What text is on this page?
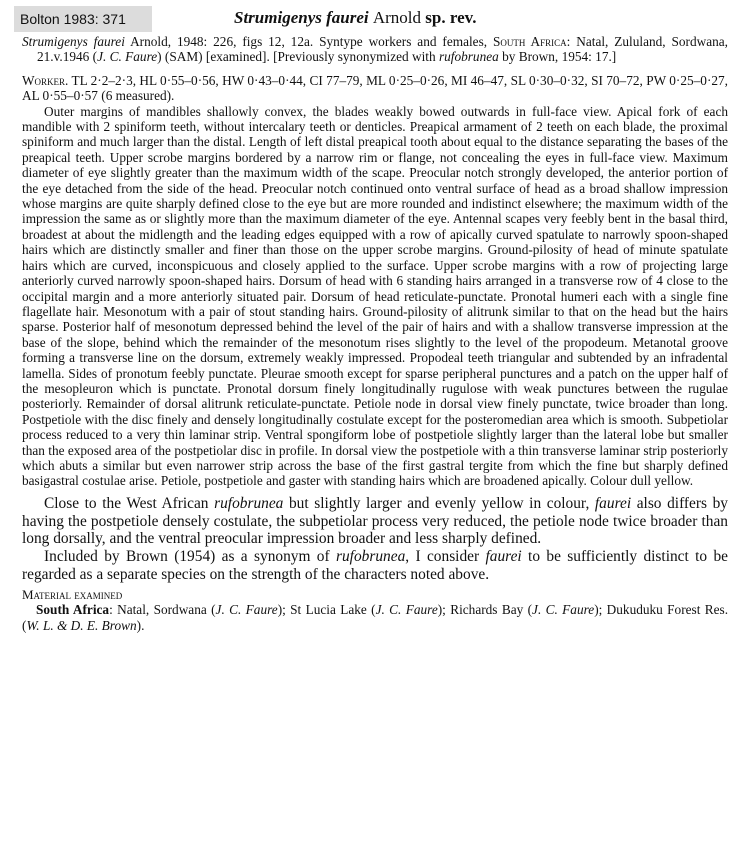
Bolton 1983: 371	Strumigenys faurei Arnold sp. rev.

Strumigenys faurei Arnold, 1948: 226, figs 12, 12a. Syntype workers and females, South Africa: Natal, Zululand, Sordwana, 21.v.1946 (J. C. Faure) (SAM) [examined]. [Previously synonymized with rufobrunea by Brown, 1954: 17.]

Worker. TL 2·2–2·3, HL 0·55–0·56, HW 0·43–0·44, CI 77–79, ML 0·25–0·26, MI 46–47, SL 0·30–0·32, SI 70–72, PW 0·25–0·27, AL 0·55–0·57 (6 measured).

Outer margins of mandibles shallowly convex, the blades weakly bowed outwards in full-face view. Apical fork of each mandible with 2 spiniform teeth, without intercalary teeth or denticles. Preapical armament of 2 teeth on each blade, the proximal spiniform and much larger than the distal. Length of left distal preapical tooth about equal to the distance separating the bases of the preapical teeth. Upper scrobe margins bordered by a narrow rim or flange, not concealing the eyes in full-face view. Maximum diameter of eye slightly greater than the maximum width of the scape. Preocular notch strongly developed, the anterior portion of the eye detached from the side of the head. Preocular notch continued onto ventral surface of head as a broad shallow impression whose margins are quite sharply defined close to the eye but are more rounded and indistinct elsewhere; the maximum width of the impression the same as or slightly more than the maximum diameter of the eye. Antennal scapes very feebly bent in the basal third, broadest at about the midlength and the leading edges equipped with a row of apically curved spatulate to narrowly spoon-shaped hairs which are distinctly smaller and finer than those on the upper scrobe margins. Ground-pilosity of head of minute spatulate hairs which are curved, inconspicuous and closely applied to the surface. Upper scrobe margins with a row of projecting large anteriorly curved narrowly spoon-shaped hairs. Dorsum of head with 6 standing hairs arranged in a transverse row of 4 close to the occipital margin and a more anteriorly situated pair. Dorsum of head reticulate-punctate. Pronotal humeri each with a single fine flagellate hair. Mesonotum with a pair of stout standing hairs. Ground-pilosity of alitrunk similar to that on the head but the hairs sparse. Posterior half of mesonotum depressed behind the level of the pair of hairs and with a shallow transverse impression at the base of the slope, behind which the remainder of the mesonotum rises slightly to the level of the propodeum. Metanotal groove forming a transverse line on the dorsum, extremely weakly impressed. Propodeal teeth triangular and subtended by an infradental lamella. Sides of pronotum feebly punctate. Pleurae smooth except for sparse peripheral punctures and a patch on the upper half of the mesopleuron which is punctate. Pronotal dorsum finely longitudinally rugulose with weak punctures between the rugulae posteriorly. Remainder of dorsal alitrunk reticulate-punctate. Petiole node in dorsal view finely punctate, twice broader than long. Postpetiole with the disc finely and densely longitudinally costulate except for the posteromedian area which is smooth. Subpetiolar process reduced to a very thin laminar strip. Ventral spongiform lobe of postpetiole slightly larger than the lateral lobe but smaller than the exposed area of the postpetiolar disc in profile. In dorsal view the postpetiole with a thin transverse laminar strip posteriorly which abuts a similar but even narrower strip across the base of the first gastral tergite from which the fine but sharply defined basigastral costulae arise. Petiole, postpetiole and gaster with standing hairs which are broadened apically. Colour dull yellow.

Close to the West African rufobrunea but slightly larger and evenly yellow in colour, faurei also differs by having the postpetiole densely costulate, the subpetiolar process very reduced, the petiole node twice broader than long dorsally, and the ventral preocular impression broader and less sharply defined.

Included by Brown (1954) as a synonym of rufobrunea, I consider faurei to be sufficiently distinct to be regarded as a separate species on the strength of the characters noted above.

Material examined

South Africa: Natal, Sordwana (J. C. Faure); St Lucia Lake (J. C. Faure); Richards Bay (J. C. Faure); Dukuduku Forest Res. (W. L. & D. E. Brown).
